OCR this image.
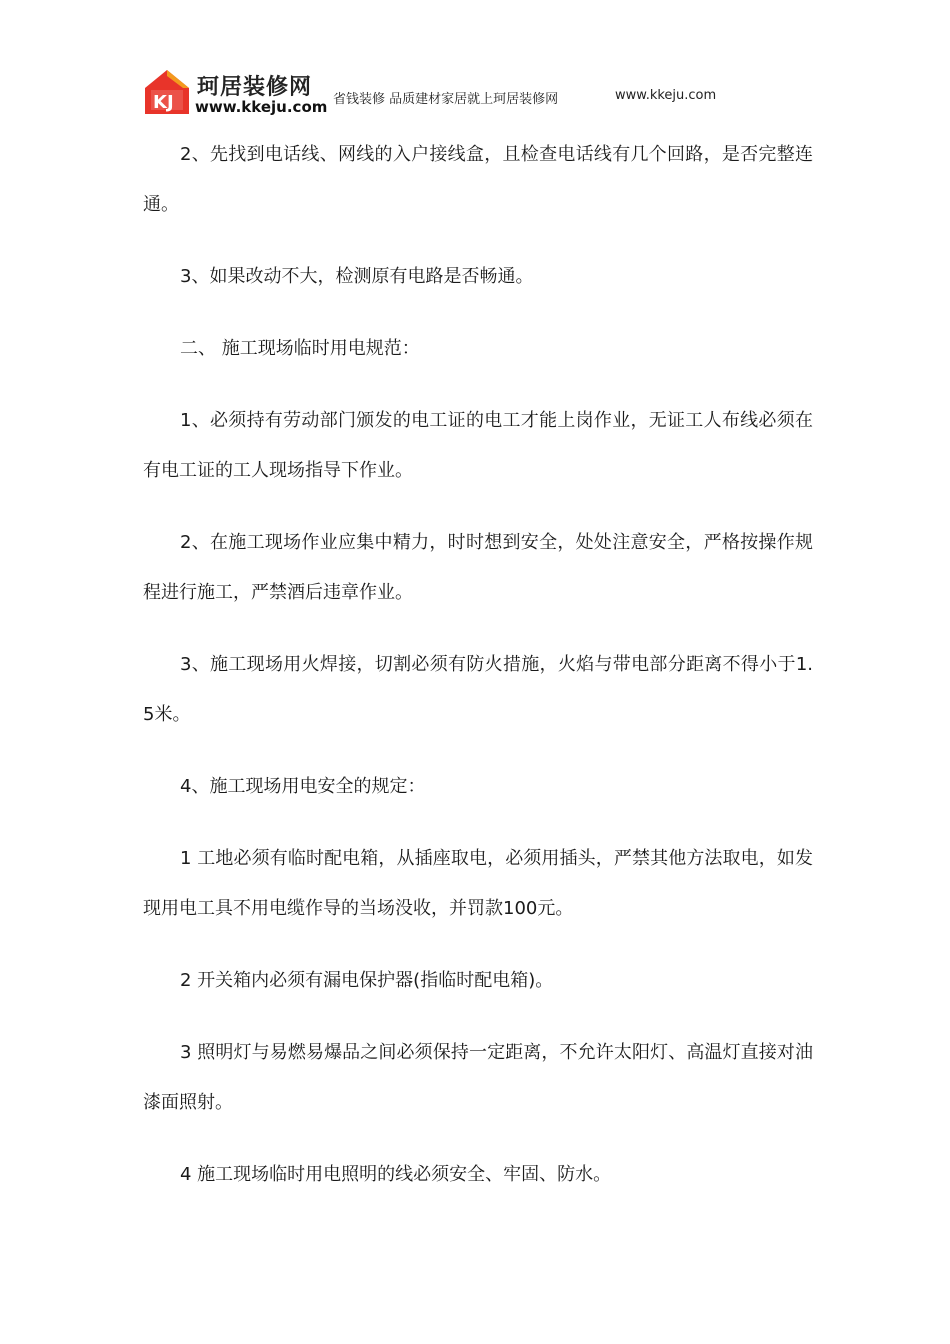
KJ
珂居装修网
www.kkeju.com 省钱装修 品质建材家居就上珂居装修网	www.kkeju.com

2、先找到电话线、网线的入户接线盒，且检查电话线有几个回路，是否完整连通。

3、如果改动不大，检测原有电路是否畅通。

二、 施工现场临时用电规范：

1、必须持有劳动部门颁发的电工证的电工才能上岗作业，无证工人布线必须在有电工证的工人现场指导下作业。

2、在施工现场作业应集中精力，时时想到安全，处处注意安全，严格按操作规程进行施工，严禁酒后违章作业。

3、施工现场用火焊接，切割必须有防火措施，火焰与带电部分距离不得小于1.5米。

4、施工现场用电安全的规定：

1 工地必须有临时配电箱，从插座取电，必须用插头，严禁其他方法取电，如发现用电工具不用电缆作导的当场没收，并罚款100元。

2 开关箱内必须有漏电保护器(指临时配电箱)。

3 照明灯与易燃易爆品之间必须保持一定距离，不允许太阳灯、高温灯直接对油漆面照射。

4 施工现场临时用电照明的线必须安全、牢固、防水。
